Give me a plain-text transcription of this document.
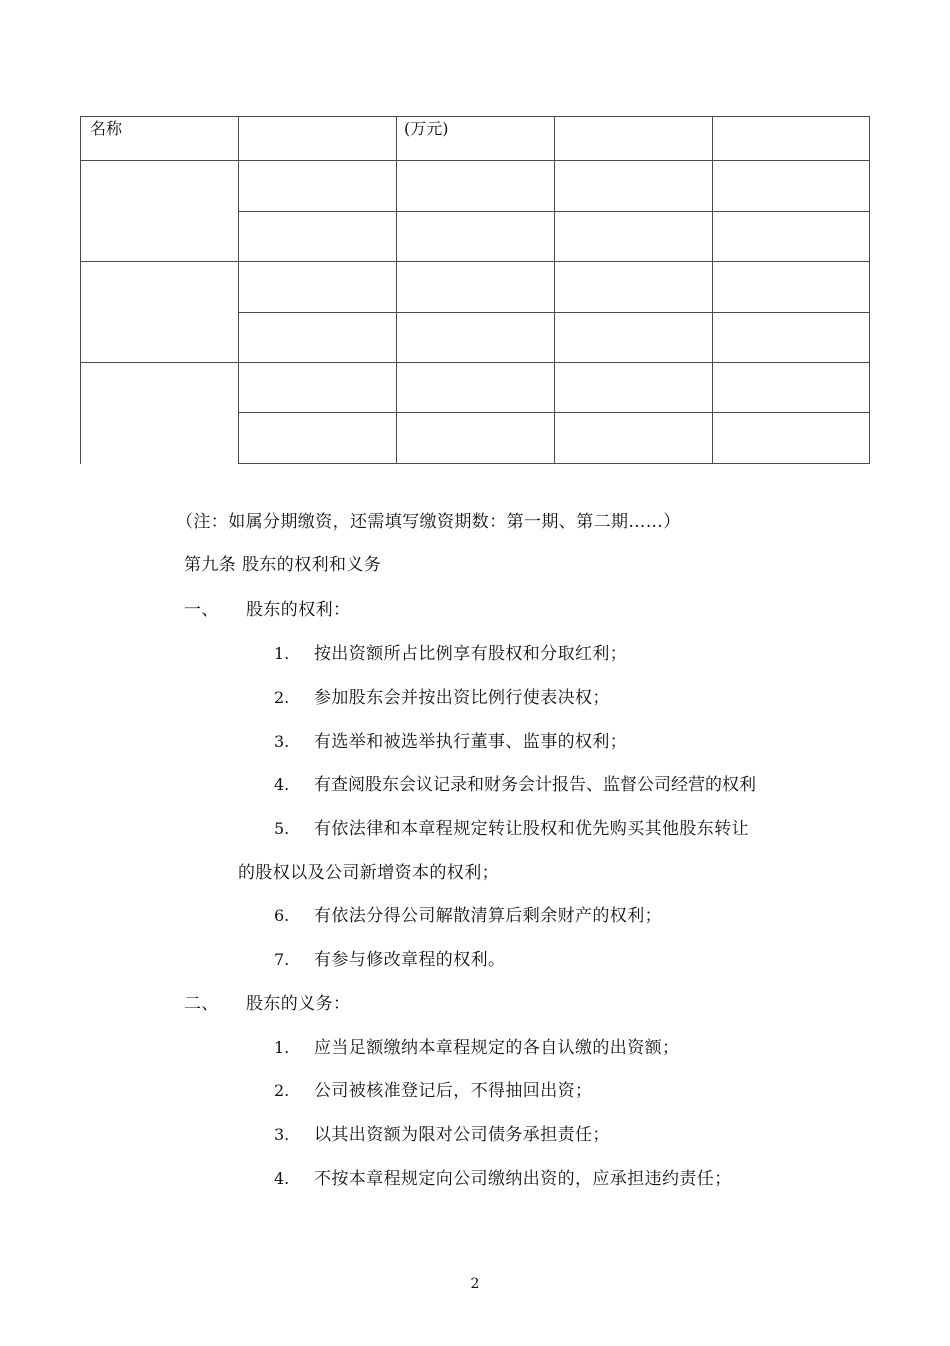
名称	(万元)
（注：如属分期缴资，还需填写缴资期数：第一期、第二期……）
第九条 股东的权利和义务
一、 股东的权利：
1. 按出资额所占比例享有股权和分取红利；
2. 参加股东会并按出资比例行使表决权；
3. 有选举和被选举执行董事、监事的权利；
4. 有查阅股东会议记录和财务会计报告、监督公司经营的权利
5. 有依法律和本章程规定转让股权和优先购买其他股东转让
的股权以及公司新增资本的权利；
6. 有依法分得公司解散清算后剩余财产的权利；
7. 有参与修改章程的权利。
二、 股东的义务：
1. 应当足额缴纳本章程规定的各自认缴的出资额；
2. 公司被核准登记后，不得抽回出资；
3. 以其出资额为限对公司债务承担责任；
4. 不按本章程规定向公司缴纳出资的，应承担违约责任；
2
